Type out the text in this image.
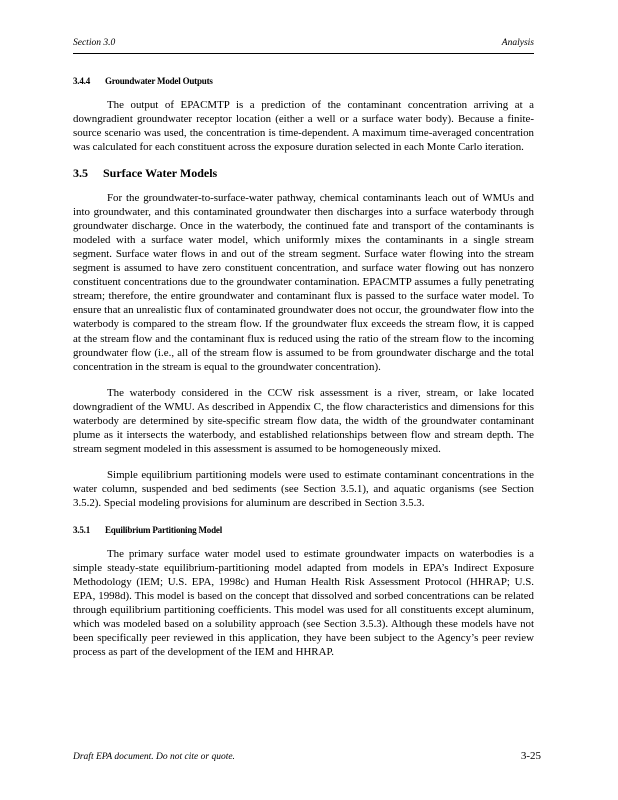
Section 3.0	Analysis
3.4.4 Groundwater Model Outputs

The output of EPACMTP is a prediction of the contaminant concentration arriving at a downgradient groundwater receptor location (either a well or a surface water body). Because a finite-source scenario was used, the concentration is time-dependent. A maximum time-averaged concentration was calculated for each constituent across the exposure duration selected in each Monte Carlo iteration.

3.5 Surface Water Models

For the groundwater-to-surface-water pathway, chemical contaminants leach out of WMUs and into groundwater, and this contaminated groundwater then discharges into a surface waterbody through groundwater discharge. Once in the waterbody, the continued fate and transport of the contaminants is modeled with a surface water model, which uniformly mixes the contaminants in a single stream segment. Surface water flows in and out of the stream segment. Surface water flowing into the stream segment is assumed to have zero constituent concentration, and surface water flowing out has nonzero constituent concentrations due to the groundwater contamination. EPACMTP assumes a fully penetrating stream; therefore, the entire groundwater and contaminant flux is passed to the surface water model. To ensure that an unrealistic flux of contaminated groundwater does not occur, the groundwater flow into the waterbody is compared to the stream flow. If the groundwater flux exceeds the stream flow, it is capped at the stream flow and the contaminant flux is reduced using the ratio of the stream flow to the incoming groundwater flow (i.e., all of the stream flow is assumed to be from groundwater discharge and the total concentration in the stream is equal to the groundwater concentration).

The waterbody considered in the CCW risk assessment is a river, stream, or lake located downgradient of the WMU. As described in Appendix C, the flow characteristics and dimensions for this waterbody are determined by site-specific stream flow data, the width of the groundwater contaminant plume as it intersects the waterbody, and established relationships between flow and stream depth. The stream segment modeled in this assessment is assumed to be homogeneously mixed.

Simple equilibrium partitioning models were used to estimate contaminant concentrations in the water column, suspended and bed sediments (see Section 3.5.1), and aquatic organisms (see Section 3.5.2). Special modeling provisions for aluminum are described in Section 3.5.3.

3.5.1 Equilibrium Partitioning Model

The primary surface water model used to estimate groundwater impacts on waterbodies is a simple steady-state equilibrium-partitioning model adapted from models in EPA’s Indirect Exposure Methodology (IEM; U.S. EPA, 1998c) and Human Health Risk Assessment Protocol (HHRAP; U.S. EPA, 1998d). This model is based on the concept that dissolved and sorbed concentrations can be related through equilibrium partitioning coefficients. This model was used for all constituents except aluminum, which was modeled based on a solubility approach (see Section 3.5.3). Although these models have not been specifically peer reviewed in this application, they have been subject to the Agency’s peer review process as part of the development of the IEM and HHRAP.

Draft EPA document. Do not cite or quote.	3-25
